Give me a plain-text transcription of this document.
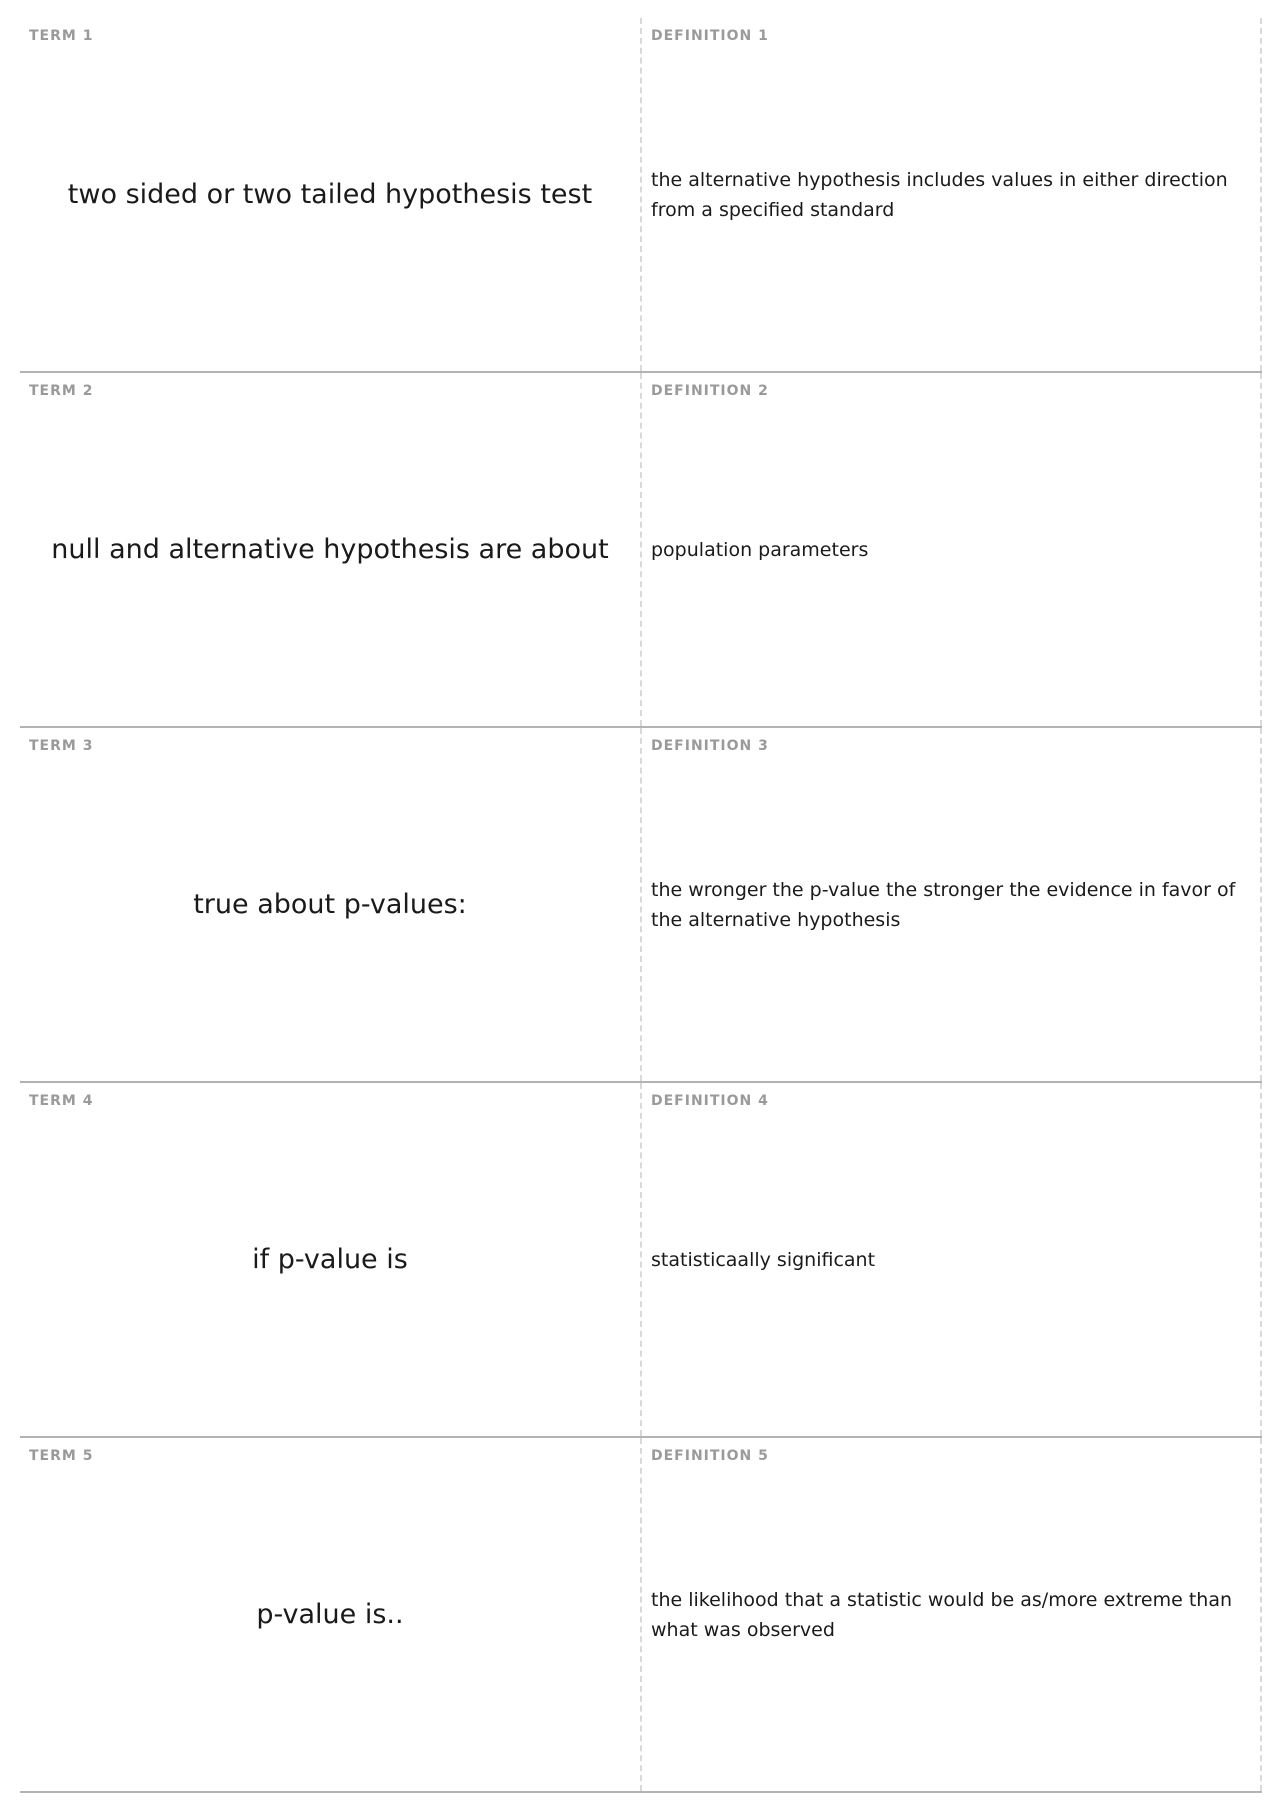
TERM 1
two sided or two tailed hypothesis test
DEFINITION 1
the alternative hypothesis includes values in either direction from a specified standard
TERM 2
null and alternative hypothesis are about
DEFINITION 2
population parameters
TERM 3
true about p-values:
DEFINITION 3
the wronger the p-value the stronger the evidence in favor of the alternative hypothesis
TERM 4
if p-value is
DEFINITION 4
statisticaally significant
TERM 5
p-value is..
DEFINITION 5
the likelihood that a statistic would be as/more extreme than what was observed
